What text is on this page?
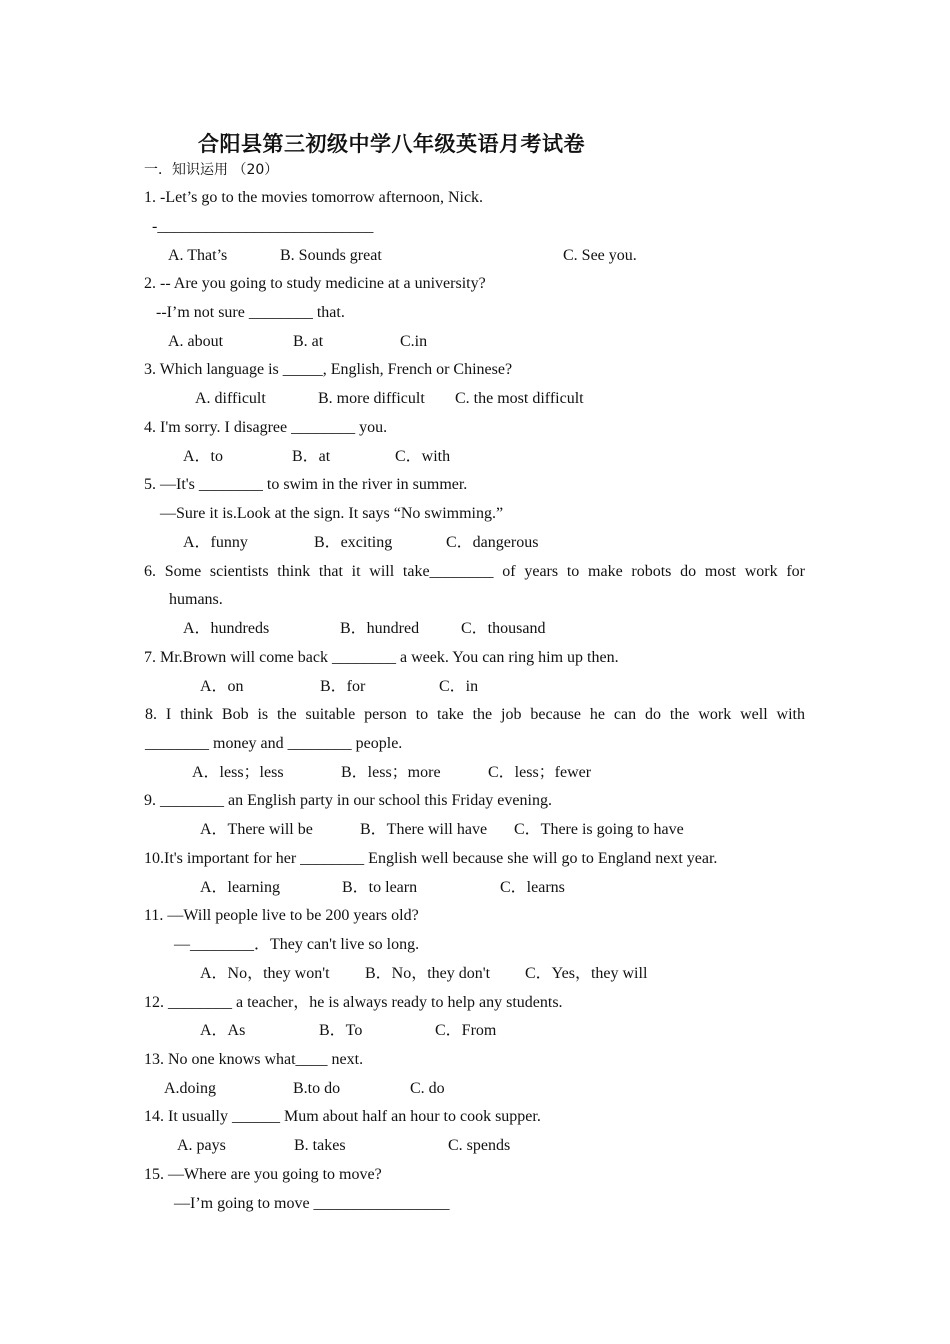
合阳县第三初级中学八年级英语月考试卷
一．知识运用 （20）
1. -Let’s go to the movies tomorrow afternoon, Nick.
-___________________________
A. That’s	B. Sounds great	C. See you.
2. -- Are you going to study medicine at a university?
--I’m not sure ________ that.
A. about	B. at	C.in
3. Which language is _____, English, French or Chinese?
A. difficult	B. more difficult C. the most difficult
4. I'm sorry. I disagree ________ you.
A．to	B．at	C．with
5. —It's ________ to swim in the river in summer.
—Sure it is.Look at the sign. It says “No swimming.”
A．funny	B．exciting	C．dangerous
6. Some scientists think that it will take________ of years to make robots do most work for
humans.
A．hundreds	B．hundred	C．thousand
7. Mr.Brown will come back ________ a week. You can ring him up then.
A．on	B．for	C．in
8. I think Bob is the suitable person to take the job because he can do the work well with
________ money and ________ people.
A．less；less	B．less；more	C．less；fewer
9. ________ an English party in our school this Friday evening.
A．There will be	B．There will have C．There is going to have
10.It's important for her ________ English well because she will go to England next year.
A．learning	B．to learn	C．learns
11. —Will people live to be 200 years old?
—________．They can't live so long.
A．No，they won't B．No，they don't C．Yes，they will
12. ________ a teacher，he is always ready to help any students.
A．As	B．To	C．From
13. No one knows what____ next.
A.doing	B.to do	C. do
14. It usually ______ Mum about half an hour to cook supper.
A. pays	B. takes	C. spends
15. —Where are you going to move?
—I’m going to move _________________
